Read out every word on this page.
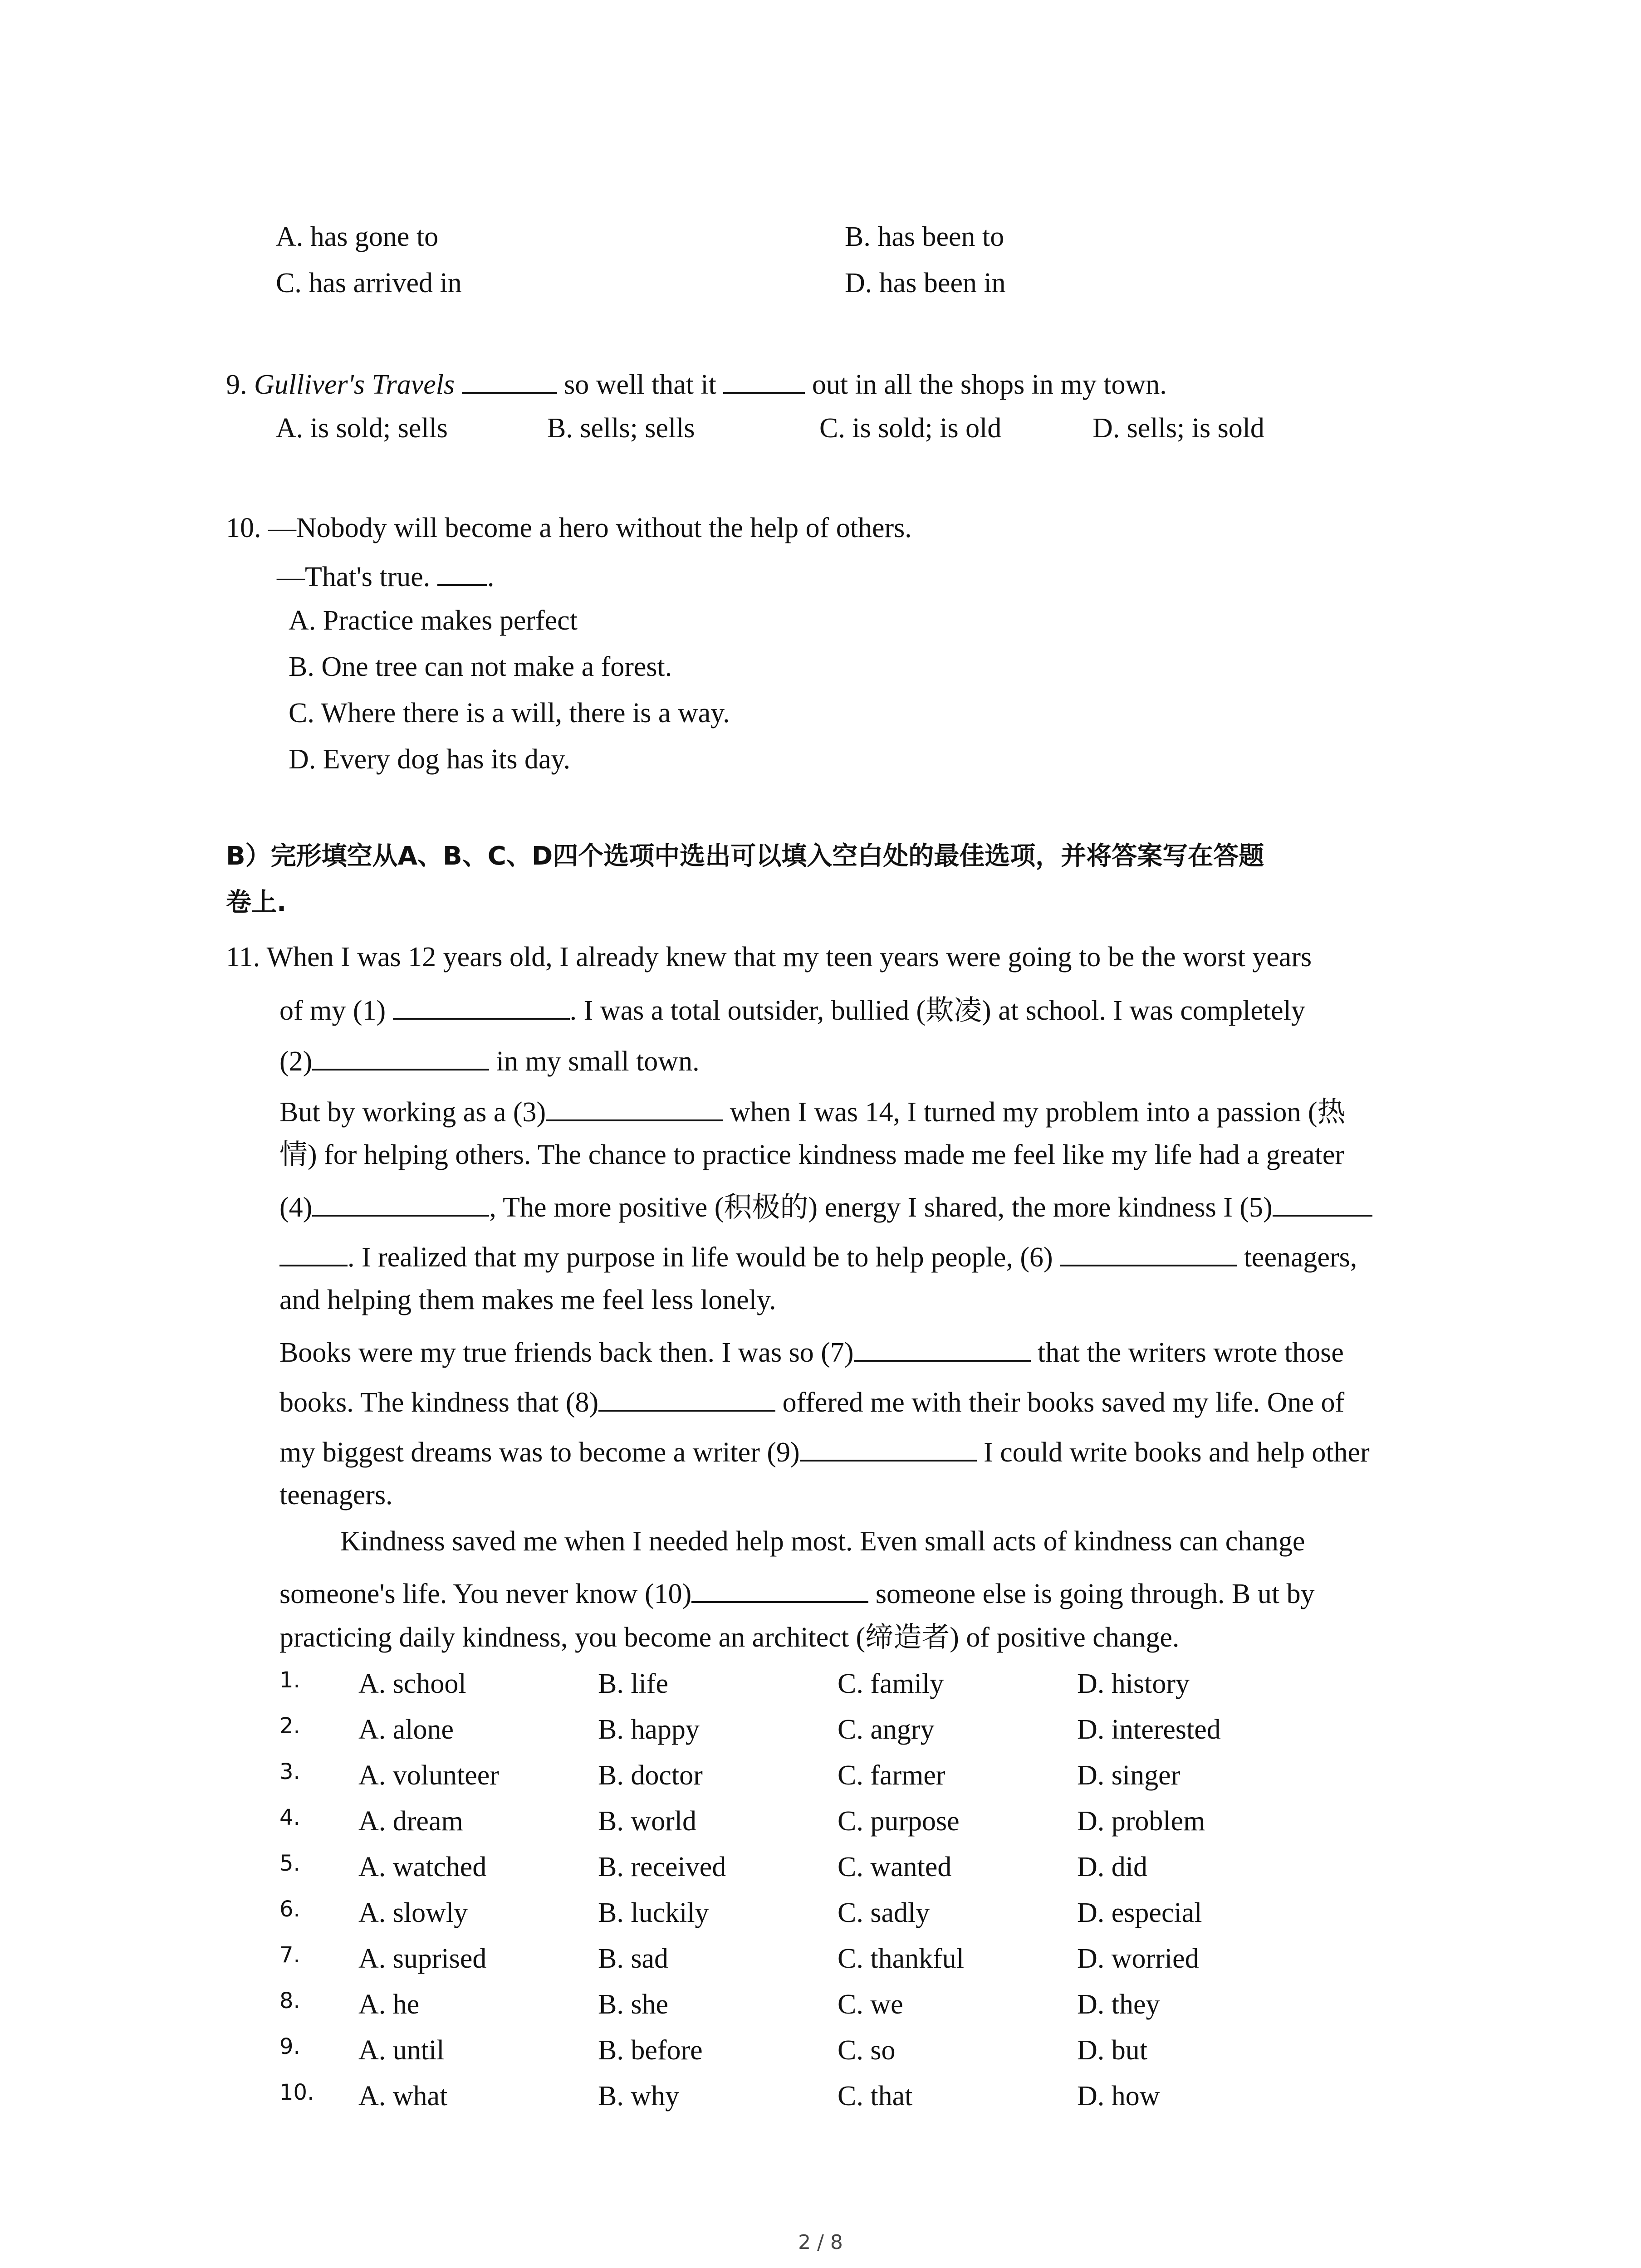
A. has gone to	B. has been to
C. has arrived in	D. has been in
9. Gulliver's Travels	so well that it	out in all the shops in my town.
A. is sold; sells	B. sells; sells	C. is sold; is old	D. sells; is sold
10. —Nobody will become a hero without the help of others.
—That's true. .
A. Practice makes perfect
B. One tree can not make a forest.
C. Where there is a will, there is a way.
D. Every dog has its day.
B）完形填空从A、B、C、D四个选项中选出可以填入空白处的最佳选项，并将答案写在答题
卷上.
11. When I was 12 years old, I already knew that my teen years were going to be the worst years
of my (1)	. I was a total outsider, bullied (欺凌) at school. I was completely
(2)	in my small town.
But by working as a (3)	when I was 14, I turned my problem into a passion (热
情) for helping others. The chance to practice kindness made me feel like my life had a greater
(4)	, The more positive (积极的) energy I shared, the more kindness I (5)
. I realized that my purpose in life would be to help people, (6)	teenagers,
and helping them makes me feel less lonely.
Books were my true friends back then. I was so (7)	that the writers wrote those
books. The kindness that (8)	offered me with their books saved my life. One of
my biggest dreams was to become a writer (9)	I could write books and help other
teenagers.
Kindness saved me when I needed help most. Even small acts of kindness can change
someone's life. You never know (10)	someone else is going through. B ut by
practicing daily kindness, you become an architect (缔造者) of positive change.
1. A. school	B. life	C. family	D. history
2. A. alone	B. happy	C. angry	D. interested
3. A. volunteer	B. doctor	C. farmer	D. singer
4. A. dream	B. world	C. purpose	D. problem
5. A. watched	B. received	C. wanted	D. did
6. A. slowly	B. luckily	C. sadly	D. especial
7. A. suprised	B. sad	C. thankful	D. worried
8. A. he	B. she	C. we	D. they
9. A. until	B. before	C. so	D. but
10. A. what	B. why	C. that	D. how
2 / 8
